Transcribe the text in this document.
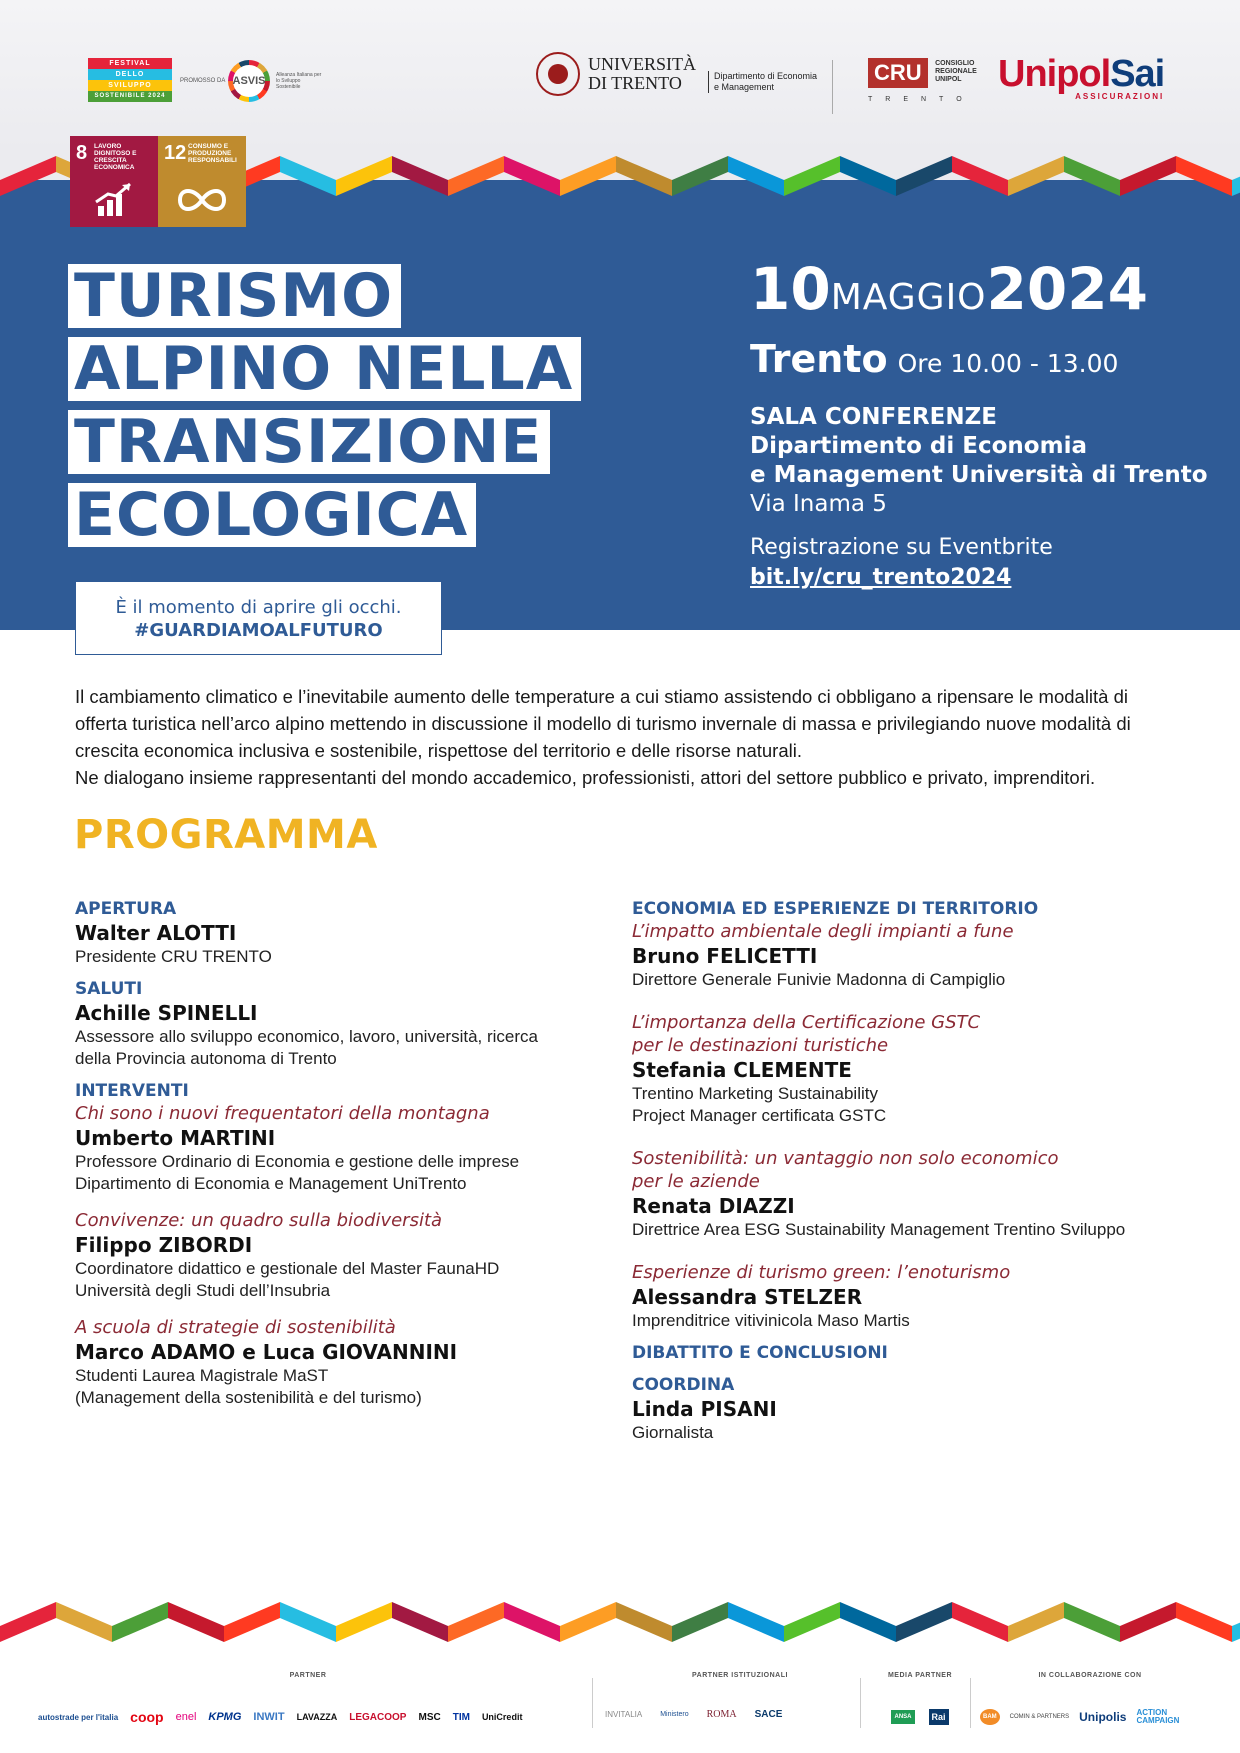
FESTIVAL
DELLO
SVILUPPO
SOSTENIBILE 2024
PROMOSSO DA ASVIS Alleanza Italiana per lo Sviluppo Sostenibile
UNIVERSITÀ
DI TRENTO	Dipartimento di Economia e Management
CRU CONSIGLIO REGIONALE UNIPOL
TRENTO
UnipolSai
ASSICURAZIONI
8 LAVORO DIGNITOSO E CRESCITA ECONOMICA
12 CONSUMO E PRODUZIONE RESPONSABILI
TURISMO
ALPINO NELLA
TRANSIZIONE
ECOLOGICA
10MAGGIO2024
Trento Ore 10.00 - 13.00
SALA CONFERENZE
Dipartimento di Economia
e Management Università di Trento
Via Inama 5
Registrazione su Eventbrite
bit.ly/cru_trento2024
È il momento di aprire gli occhi.
#GUARDIAMOALFUTURO

Il cambiamento climatico e l’inevitabile aumento delle temperature a cui stiamo assistendo ci obbligano a ripensare le modalità di offerta turistica nell’arco alpino mettendo in discussione il modello di turismo invernale di massa e privilegiando nuove modalità di crescita economica inclusiva e sostenibile, rispettose del territorio e delle risorse naturali.

Ne dialogano insieme rappresentanti del mondo accademico, professionisti, attori del settore pubblico e privato, imprenditori.

PROGRAMMA
APERTURA
Walter ALOTTI
Presidente CRU TRENTO
SALUTI
Achille SPINELLI
Assessore allo sviluppo economico, lavoro, università, ricerca
della Provincia autonoma di Trento
INTERVENTI
Chi sono i nuovi frequentatori della montagna
Umberto MARTINI
Professore Ordinario di Economia e gestione delle imprese
Dipartimento di Economia e Management UniTrento
Convivenze: un quadro sulla biodiversità
Filippo ZIBORDI
Coordinatore didattico e gestionale del Master FaunaHD
Università degli Studi dell’Insubria
A scuola di strategie di sostenibilità
Marco ADAMO e Luca GIOVANNINI
Studenti Laurea Magistrale MaST
(Management della sostenibilità e del turismo)
ECONOMIA ED ESPERIENZE DI TERRITORIO
L’impatto ambientale degli impianti a fune
Bruno FELICETTI
Direttore Generale Funivie Madonna di Campiglio
L’importanza della Certificazione GSTC
per le destinazioni turistiche
Stefania CLEMENTE
Trentino Marketing Sustainability
Project Manager certificata GSTC
Sostenibilità: un vantaggio non solo economico
per le aziende
Renata DIAZZI
Direttrice Area ESG Sustainability Management Trentino Sviluppo
Esperienze di turismo green: l’enoturismo
Alessandra STELZER
Imprenditrice vitivinicola Maso Martis
DIBATTITO E CONCLUSIONI
COORDINA
Linda PISANI
Giornalista
PARTNER
autostrade per l'italia coop enel KPMG INWIT LAVAZZA LEGACOOP MSC TIM UniCredit
PARTNER ISTITUZIONALI
INVITALIA	Ministero ROMA SACE
MEDIA PARTNER
ANSA	Rai
IN COLLABORAZIONE CON
BAM	COMIN & PARTNERS Unipolis ACTION CAMPAIGN
